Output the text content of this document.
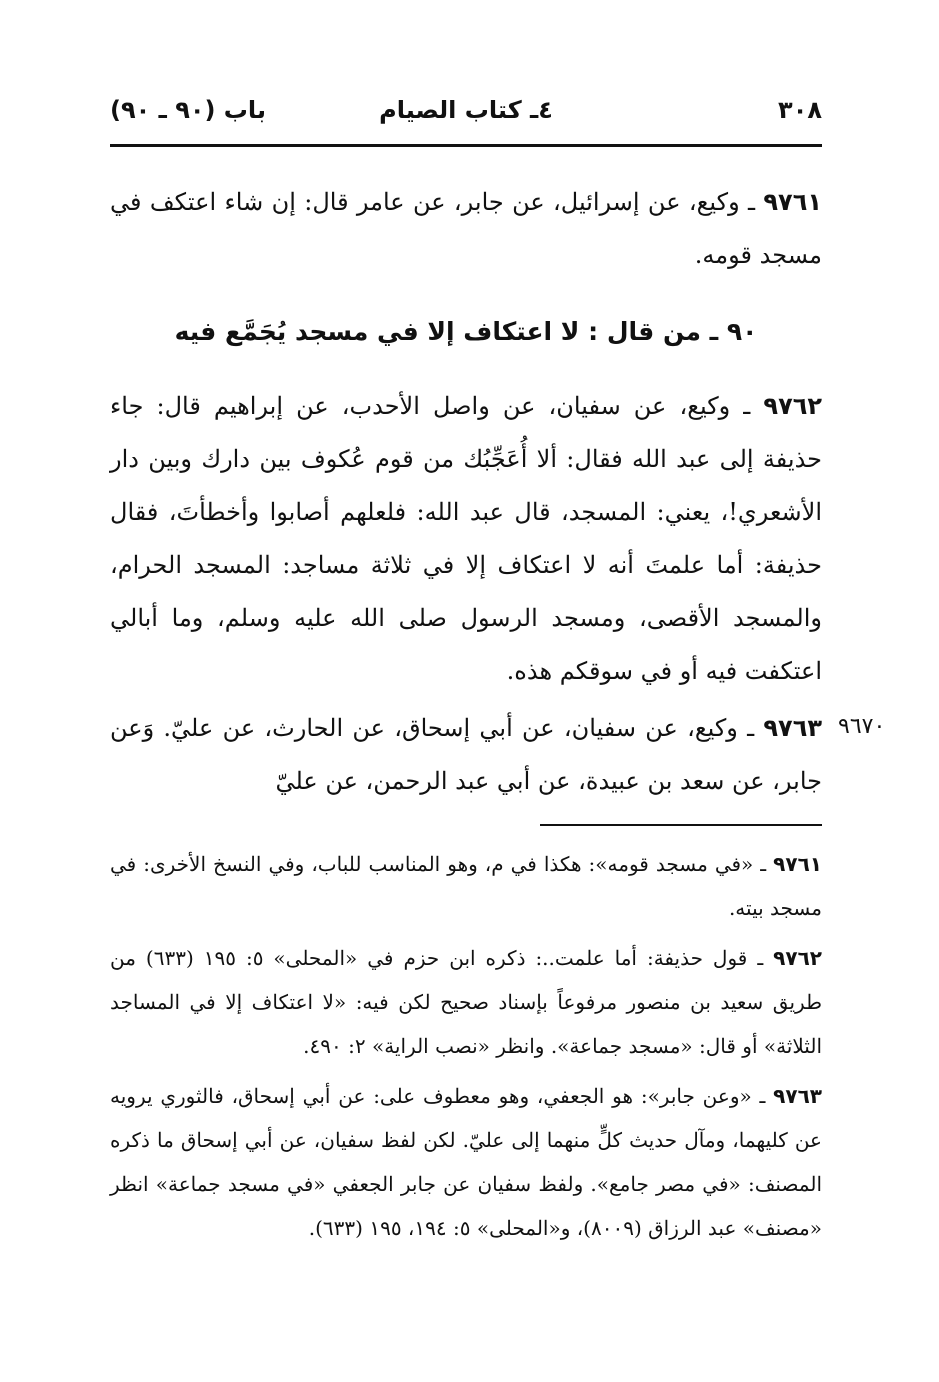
٣٠٨
٤ـ كتاب الصيام
باب (٩٠ ـ ٩٠)
٩٧٦١ ـ وكيع، عن إسرائيل، عن جابر، عن عامر قال: إن شاء اعتكف في مسجد قومه.
٩٠ ـ من قال : لا اعتكاف إلا في مسجد يُجَمَّع فيه
٩٧٦٢ ـ وكيع، عن سفيان، عن واصل الأحدب، عن إبراهيم قال: جاء حذيفة إلى عبد الله فقال: ألا أُعَجِّبُك من قوم عُكوف بين دارك وبين دار الأشعري!، يعني: المسجد، قال عبد الله: فلعلهم أصابوا وأخطأتَ، فقال حذيفة: أما علمتَ أنه لا اعتكاف إلا في ثلاثة مساجد: المسجد الحرام، والمسجد الأقصى، ومسجد الرسول صلى الله عليه وسلم، وما أبالي اعتكفت فيه أو في سوقكم هذه.
٩٦٧٠
٩٧٦٣ ـ وكيع، عن سفيان، عن أبي إسحاق، عن الحارث، عن عليّ. وَعن جابر، عن سعد بن عبيدة، عن أبي عبد الرحمن، عن عليّ
٩٧٦١ ـ «في مسجد قومه»: هكذا في م، وهو المناسب للباب، وفي النسخ الأخرى: في مسجد بيته.
٩٧٦٢ ـ قول حذيفة: أما علمت..: ذكره ابن حزم في «المحلى» ٥: ١٩٥ (٦٣٣) من طريق سعيد بن منصور مرفوعاً بإسناد صحيح لكن فيه: «لا اعتكاف إلا في المساجد الثلاثة» أو قال: «مسجد جماعة». وانظر «نصب الراية» ٢: ٤٩٠.
٩٧٦٣ ـ «وعن جابر»: هو الجعفي، وهو معطوف على: عن أبي إسحاق، فالثوري يرويه عن كليهما، ومآل حديث كلٍّ منهما إلى عليّ. لكن لفظ سفيان، عن أبي إسحاق ما ذكره المصنف: «في مصر جامع». ولفظ سفيان عن جابر الجعفي «في مسجد جماعة» انظر «مصنف» عبد الرزاق (٨٠٠٩)، و«المحلى» ٥: ١٩٤، ١٩٥ (٦٣٣).
